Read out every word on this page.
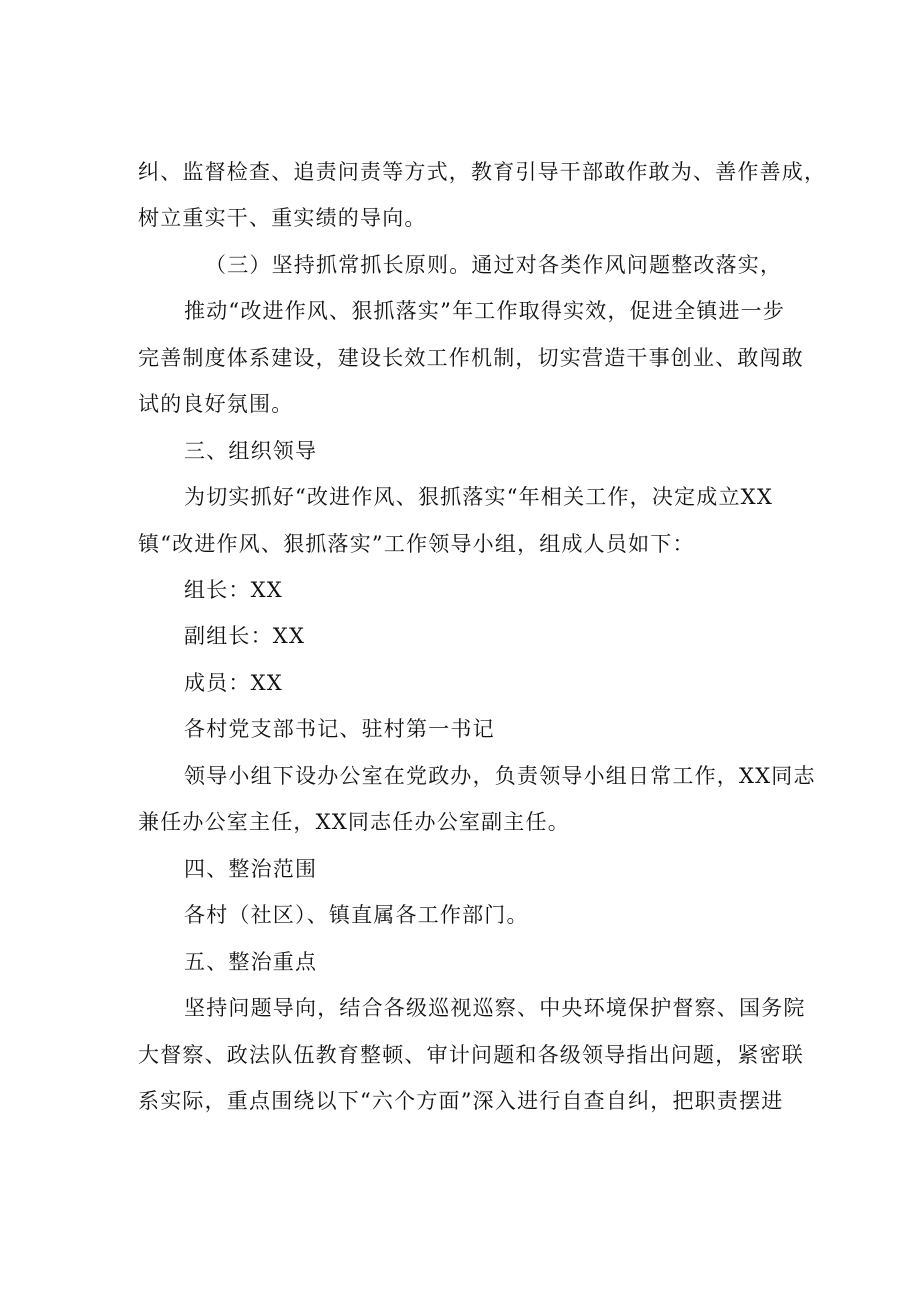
纠、监督检查、追责问责等方式，教育引导干部敢作敢为、善作善成，
树立重实干、重实绩的导向。
（三）坚持抓常抓长原则。通过对各类作风问题整改落实，
推动“改进作风、狠抓落实”年工作取得实效，促进全镇进一步
完善制度体系建设，建设长效工作机制，切实营造干事创业、敢闯敢
试的良好氛围。
三、组织领导
为切实抓好“改进作风、狠抓落实“年相关工作，决定成立XX
镇“改进作风、狠抓落实”工作领导小组，组成人员如下：
组长：XX
副组长：XX
成员：XX
各村党支部书记、驻村第一书记
领导小组下设办公室在党政办，负责领导小组日常工作，XX同志
兼任办公室主任，XX同志任办公室副主任。
四、整治范围
各村（社区）、镇直属各工作部门。
五、整治重点
坚持问题导向，结合各级巡视巡察、中央环境保护督察、国务院
大督察、政法队伍教育整顿、审计问题和各级领导指出问题，紧密联
系实际，重点围绕以下“六个方面”深入进行自查自纠，把职责摆进
